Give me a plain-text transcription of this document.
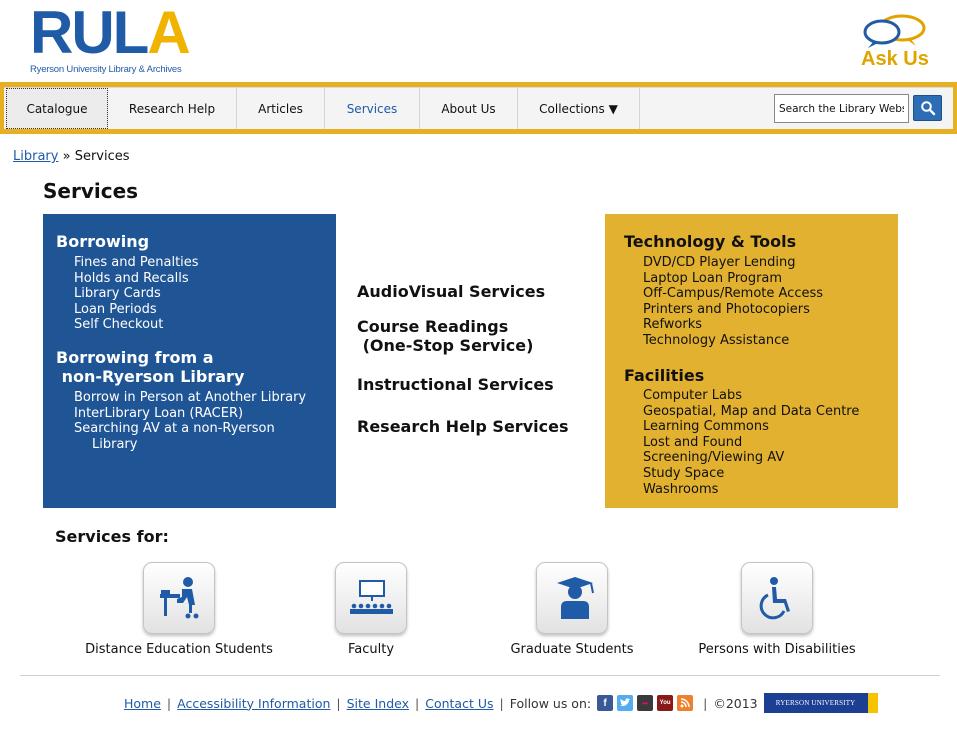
RULA
Ryerson University Library & Archives	Ask Us
Catalogue	Research Help	Articles	Services	About Us	Collections ▼
Search the Library Website
Library » Services
Services
Borrowing
Fines and Penalties
Holds and Recalls
Library Cards
Loan Periods
Self Checkout
Borrowing from a
non-Ryerson Library
Borrow in Person at Another Library
InterLibrary Loan (RACER)
Searching AV at a non-Ryerson Library
AudioVisual Services
Course Readings
(One-Stop Service)
Instructional Services
Research Help Services
Technology & Tools
DVD/CD Player Lending
Laptop Loan Program
Off-Campus/Remote Access
Printers and Photocopiers
Refworks
Technology Assistance
Facilities
Computer Labs
Geospatial, Map and Data Centre
Learning Commons
Lost and Found
Screening/Viewing AV
Study Space
Washrooms
Services for:
Distance Education Students	Faculty	Graduate Students	Persons with Disabilities
Home | Accessibility Information | Site Index | Contact Us | Follow us on:	f	••	You	| ©2013	RYERSON UNIVERSITY
